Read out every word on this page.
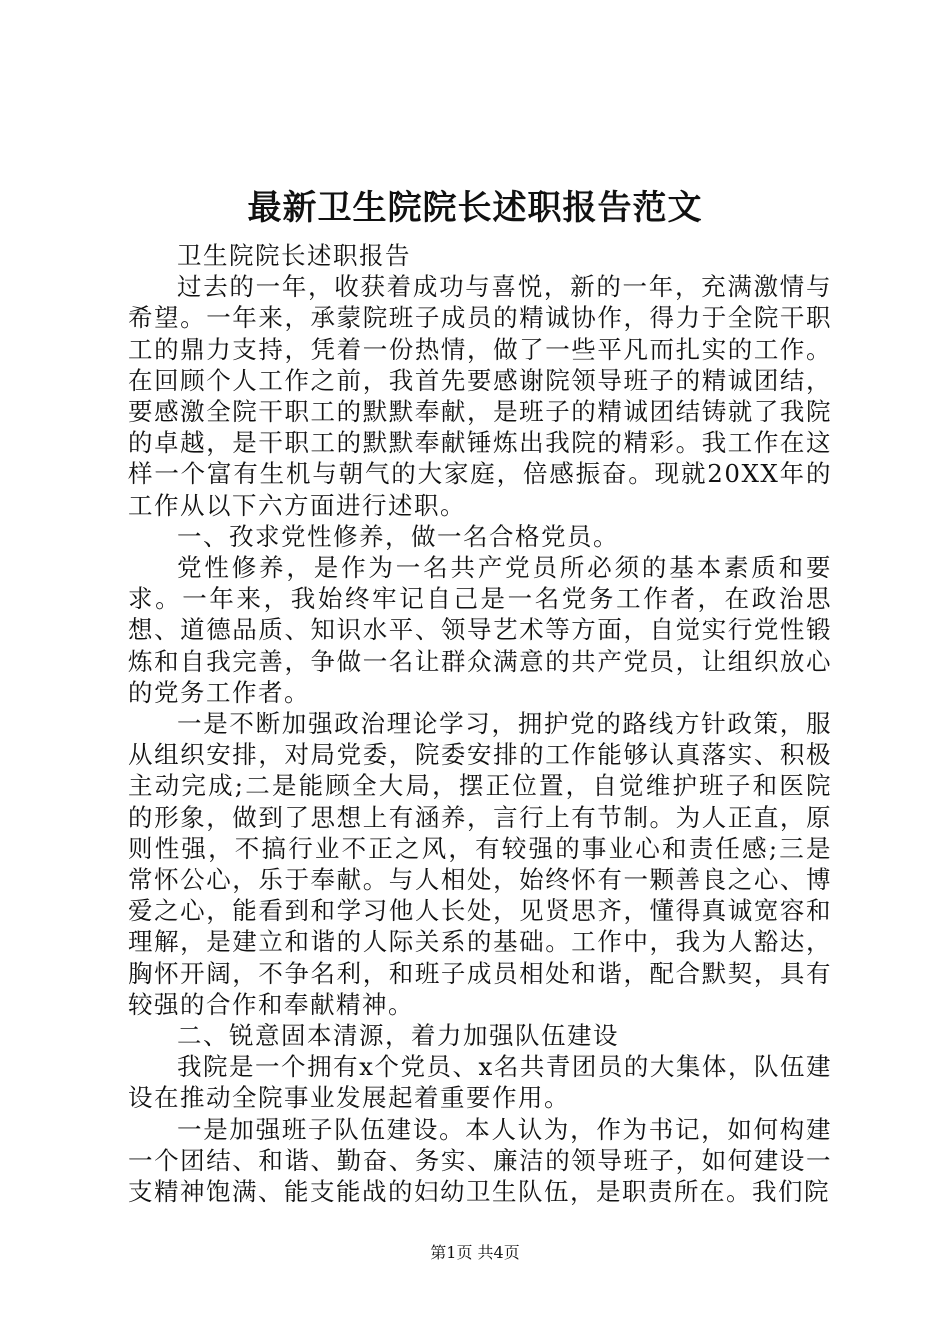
最新卫生院院长述职报告范文

卫生院院长述职报告

过去的一年，收获着成功与喜悦，新的一年，充满激情与希望。一年来，承蒙院班子成员的精诚协作，得力于全院干职工的鼎力支持，凭着一份热情，做了一些平凡而扎实的工作。在回顾个人工作之前，我首先要感谢院领导班子的精诚团结，要感激全院干职工的默默奉献，是班子的精诚团结铸就了我院的卓越，是干职工的默默奉献锤炼出我院的精彩。我工作在这样一个富有生机与朝气的大家庭，倍感振奋。现就20XX年的工作从以下六方面进行述职。

一、孜求党性修养，做一名合格党员。

党性修养，是作为一名共产党员所必须的基本素质和要求。一年来，我始终牢记自己是一名党务工作者，在政治思想、道德品质、知识水平、领导艺术等方面，自觉实行党性锻炼和自我完善，争做一名让群众满意的共产党员，让组织放心的党务工作者。

一是不断加强政治理论学习，拥护党的路线方针政策，服从组织安排，对局党委，院委安排的工作能够认真落实、积极主动完成;二是能顾全大局，摆正位置，自觉维护班子和医院的形象，做到了思想上有涵养，言行上有节制。为人正直，原则性强，不搞行业不正之风，有较强的事业心和责任感;三是常怀公心，乐于奉献。与人相处，始终怀有一颗善良之心、博爱之心，能看到和学习他人长处，见贤思齐，懂得真诚宽容和理解，是建立和谐的人际关系的基础。工作中，我为人豁达，胸怀开阔，不争名利，和班子成员相处和谐，配合默契，具有较强的合作和奉献精神。

二、锐意固本清源，着力加强队伍建设

我院是一个拥有x个党员、x名共青团员的大集体，队伍建设在推动全院事业发展起着重要作用。

一是加强班子队伍建设。本人认为，作为书记，如何构建一个团结、和谐、勤奋、务实、廉洁的领导班子，如何建设一支精神饱满、能支能战的妇幼卫生队伍，是职责所在。我们院

第1页 共4页
